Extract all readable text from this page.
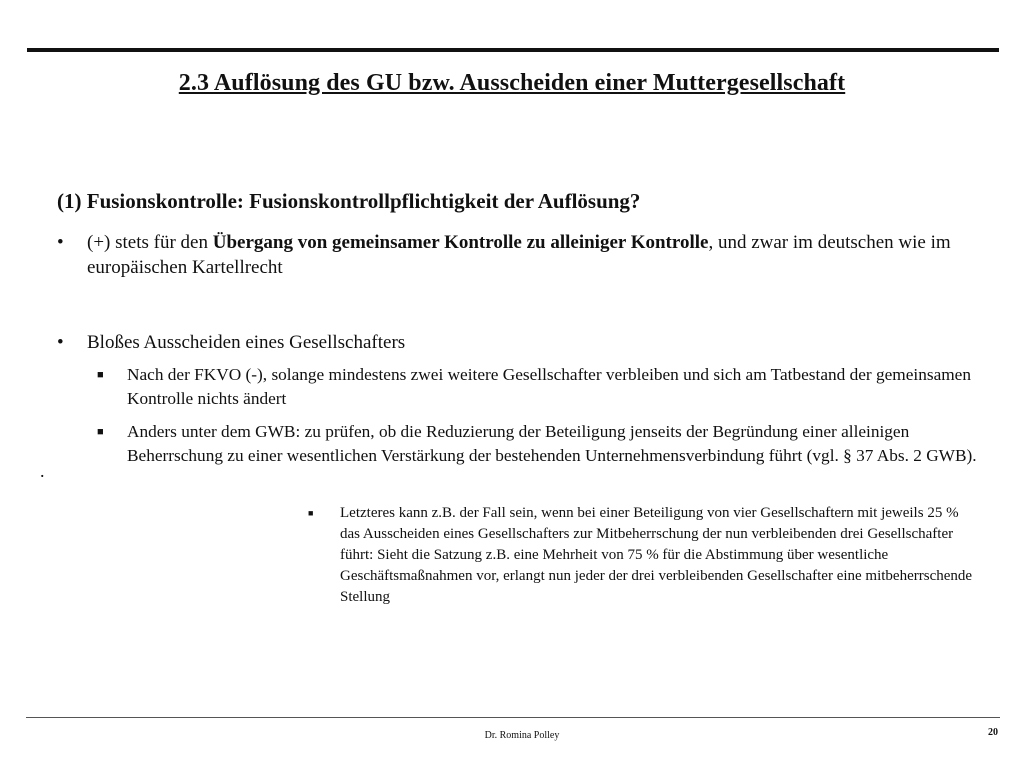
2.3 Auflösung des GU bzw. Ausscheiden einer Muttergesellschaft
(1) Fusionskontrolle: Fusionskontrollpflichtigkeit der Auflösung?
•	(+) stets für den Übergang von gemeinsamer Kontrolle zu alleiniger Kontrolle, und zwar im deutschen wie im europäischen Kartellrecht
•	Bloßes Ausscheiden eines Gesellschafters
■	Nach der FKVO (-), solange mindestens zwei weitere Gesellschafter verbleiben und sich am Tatbestand der gemeinsamen Kontrolle nichts ändert
■	Anders unter dem GWB: zu prüfen, ob die Reduzierung der Beteiligung jenseits der Begründung einer alleinigen Beherrschung zu einer wesentlichen Verstärkung der bestehenden Unternehmensverbindung führt (vgl. § 37 Abs. 2 GWB).
■	Letzteres kann z.B. der Fall sein, wenn bei einer Beteiligung von vier Gesellschaftern mit jeweils 25 % das Ausscheiden eines Gesellschafters zur Mitbeherrschung der nun verbleibenden drei Gesellschafter führt: Sieht die Satzung z.B. eine Mehrheit von 75 % für die Abstimmung über wesentliche Geschäftsmaßnahmen vor, erlangt nun jeder der drei verbleibenden Gesellschafter eine mitbeherrschende Stellung
.
Dr. Romina Polley	20
